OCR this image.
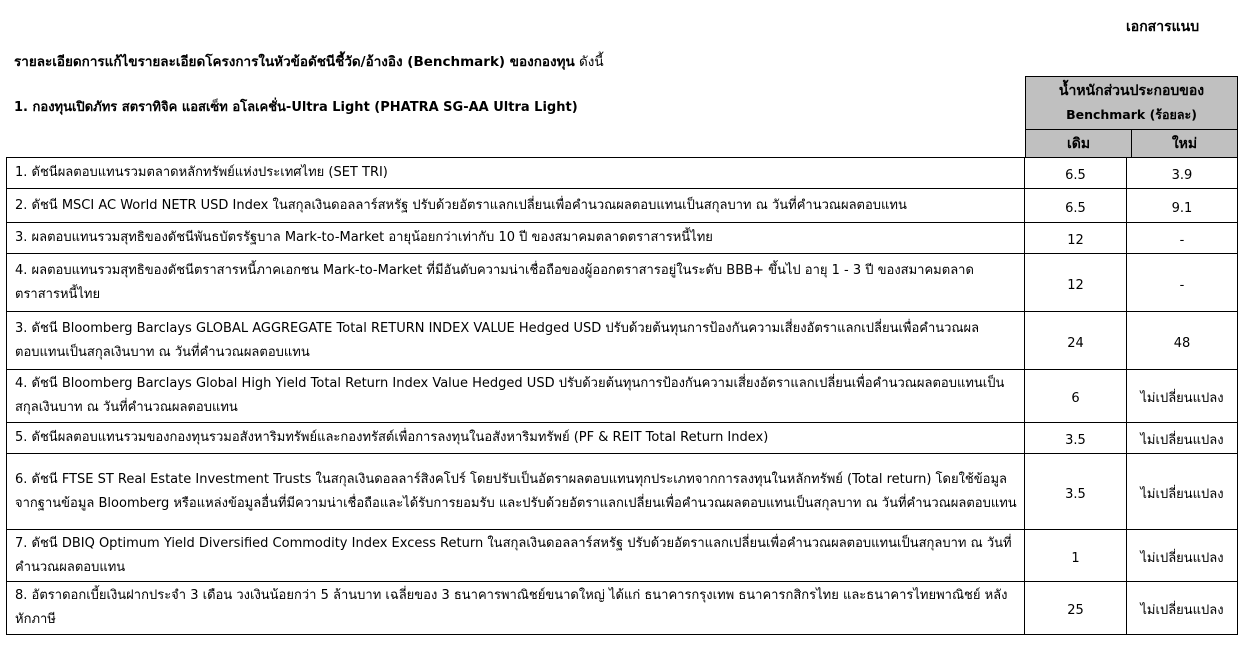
เอกสารแนบ
รายละเอียดการแก้ไขรายละเอียดโครงการในหัวข้อดัชนีชี้วัด/อ้างอิง (Benchmark) ของกองทุน ดังนี้
1. กองทุนเปิดภัทร สตราทิจิค แอสเซ็ท อโลเคชั่น-Ultra Light (PHATRA SG-AA Ultra Light)
น้ำหนักส่วนประกอบของ
Benchmark (ร้อยละ)

เดิม	ใหม่
1. ดัชนีผลตอบแทนรวมตลาดหลักทรัพย์แห่งประเทศไทย (SET TRI)	6.5	3.9
2. ดัชนี MSCI AC World NETR USD Index ในสกุลเงินดอลลาร์สหรัฐ ปรับด้วยอัตราแลกเปลี่ยนเพื่อคำนวณผลตอบแทนเป็นสกุลบาท ณ วันที่คำนวณผลตอบแทน	6.5	9.1
3. ผลตอบแทนรวมสุทธิของดัชนีพันธบัตรรัฐบาล Mark-to-Market อายุน้อยกว่าเท่ากับ 10 ปี ของสมาคมตลาดตราสารหนี้ไทย	12	-
4. ผลตอบแทนรวมสุทธิของดัชนีตราสารหนี้ภาคเอกชน Mark-to-Market ที่มีอันดับความน่าเชื่อถือของผู้ออกตราสารอยู่ในระดับ BBB+ ขึ้นไป อายุ 1 - 3 ปี ของสมาคมตลาดตราสารหนี้ไทย	12	-
3. ดัชนี Bloomberg Barclays GLOBAL AGGREGATE Total RETURN INDEX VALUE Hedged USD ปรับด้วยต้นทุนการป้องกันความเสี่ยงอัตราแลกเปลี่ยนเพื่อคำนวณผลตอบแทนเป็นสกุลเงินบาท ณ วันที่คำนวณผลตอบแทน	24	48
4. ดัชนี Bloomberg Barclays Global High Yield Total Return Index Value Hedged USD ปรับด้วยต้นทุนการป้องกันความเสี่ยงอัตราแลกเปลี่ยนเพื่อคำนวณผลตอบแทนเป็นสกุลเงินบาท ณ วันที่คำนวณผลตอบแทน	6	ไม่เปลี่ยนแปลง
5. ดัชนีผลตอบแทนรวมของกองทุนรวมอสังหาริมทรัพย์และกองทรัสต์เพื่อการลงทุนในอสังหาริมทรัพย์ (PF & REIT Total Return Index)	3.5	ไม่เปลี่ยนแปลง
6. ดัชนี FTSE ST Real Estate Investment Trusts ในสกุลเงินดอลลาร์สิงคโปร์ โดยปรับเป็นอัตราผลตอบแทนทุกประเภทจากการลงทุนในหลักทรัพย์ (Total return) โดยใช้ข้อมูลจากฐานข้อมูล Bloomberg หรือแหล่งข้อมูลอื่นที่มีความน่าเชื่อถือและได้รับการยอมรับ และปรับด้วยอัตราแลกเปลี่ยนเพื่อคำนวณผลตอบแทนเป็นสกุลบาท ณ วันที่คำนวณผลตอบแทน	3.5	ไม่เปลี่ยนแปลง
7. ดัชนี DBIQ Optimum Yield Diversified Commodity Index Excess Return ในสกุลเงินดอลลาร์สหรัฐ ปรับด้วยอัตราแลกเปลี่ยนเพื่อคำนวณผลตอบแทนเป็นสกุลบาท ณ วันที่คำนวณผลตอบแทน	1	ไม่เปลี่ยนแปลง
8. อัตราดอกเบี้ยเงินฝากประจำ 3 เดือน วงเงินน้อยกว่า 5 ล้านบาท เฉลี่ยของ 3 ธนาคารพาณิชย์ขนาดใหญ่ ได้แก่ ธนาคารกรุงเทพ ธนาคารกสิกรไทย และธนาคารไทยพาณิชย์ หลังหักภาษี	25	ไม่เปลี่ยนแปลง
